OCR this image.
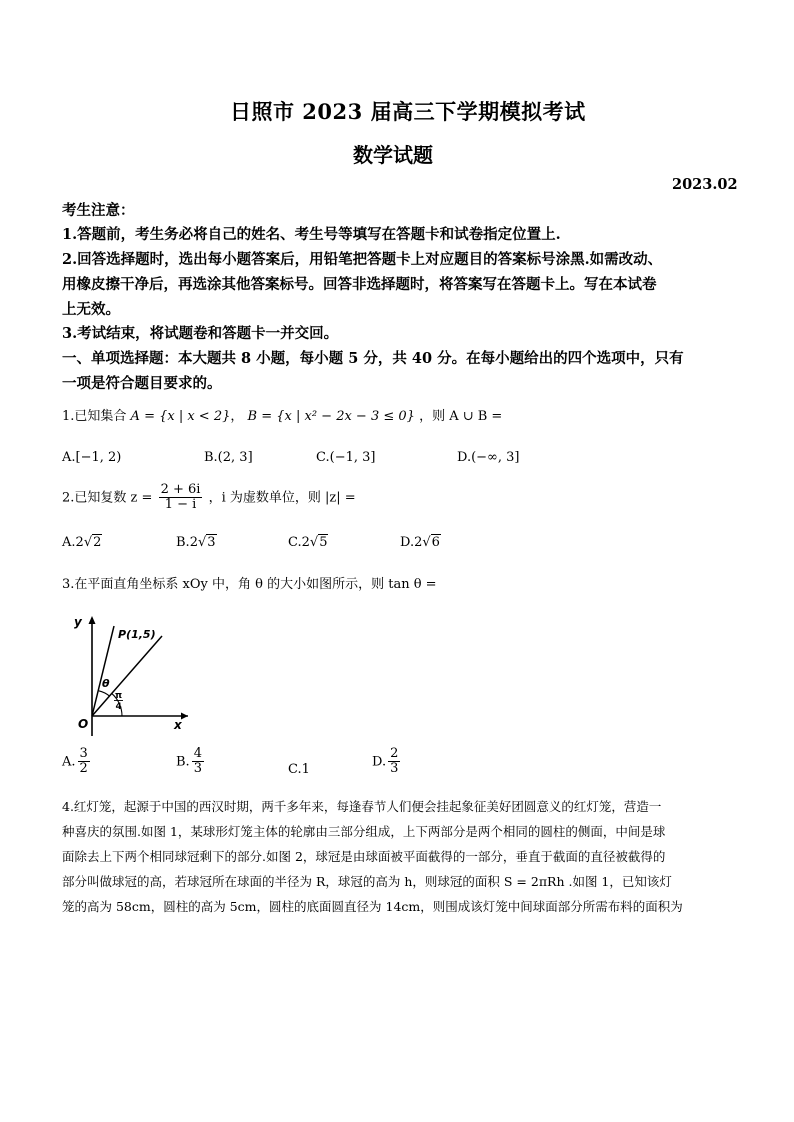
日照市 2023 届高三下学期模拟考试
数学试题
2023.02
考生注意：
1.答题前，考生务必将自己的姓名、考生号等填写在答题卡和试卷指定位置上.
2.回答选择题时，选出每小题答案后，用铅笔把答题卡上对应题目的答案标号涂黑.如需改动、
用橡皮擦干净后，再选涂其他答案标号。回答非选择题时，将答案写在答题卡上。写在本试卷
上无效。
3.考试结束，将试题卷和答题卡一并交回。
一、单项选择题：本大题共 8 小题，每小题 5 分，共 40 分。在每小题给出的四个选项中，只有
一项是符合题目要求的。
1.已知集合 A = {x | x < 2}， B = {x | x² − 2x − 3 ≤ 0} ，则 A ∪ B =
A.[−1, 2)	B.(2, 3]	C.(−1, 3]	D.(−∞, 3]
2.已知复数 $z = \frac{2 + 6i}{1 - i}$ ，i 为虚数单位，则 |z| =
A.2√2	B.2√3	C.2√5	D.2√6
3.在平面直角坐标系 xOy 中，角 θ 的大小如图所示，则 tan θ =
y
x
O
P(1,5)
θ
π
4
A. $\frac{3}{2}$	B. $\frac{4}{3}$	C.1
D. $\frac{2}{3}$
4.红灯笼，起源于中国的西汉时期，两千多年来，每逢春节人们便会挂起象征美好团圆意义的红灯笼，营造一
种喜庆的氛围.如图 1，某球形灯笼主体的轮廓由三部分组成，上下两部分是两个相同的圆柱的侧面，中间是球
面除去上下两个相同球冠剩下的部分.如图 2，球冠是由球面被平面截得的一部分，垂直于截面的直径被截得的
部分叫做球冠的高，若球冠所在球面的半径为 R，球冠的高为 h，则球冠的面积 S = 2πRh .如图 1，已知该灯
笼的高为 58cm，圆柱的高为 5cm，圆柱的底面圆直径为 14cm，则围成该灯笼中间球面部分所需布料的面积为
